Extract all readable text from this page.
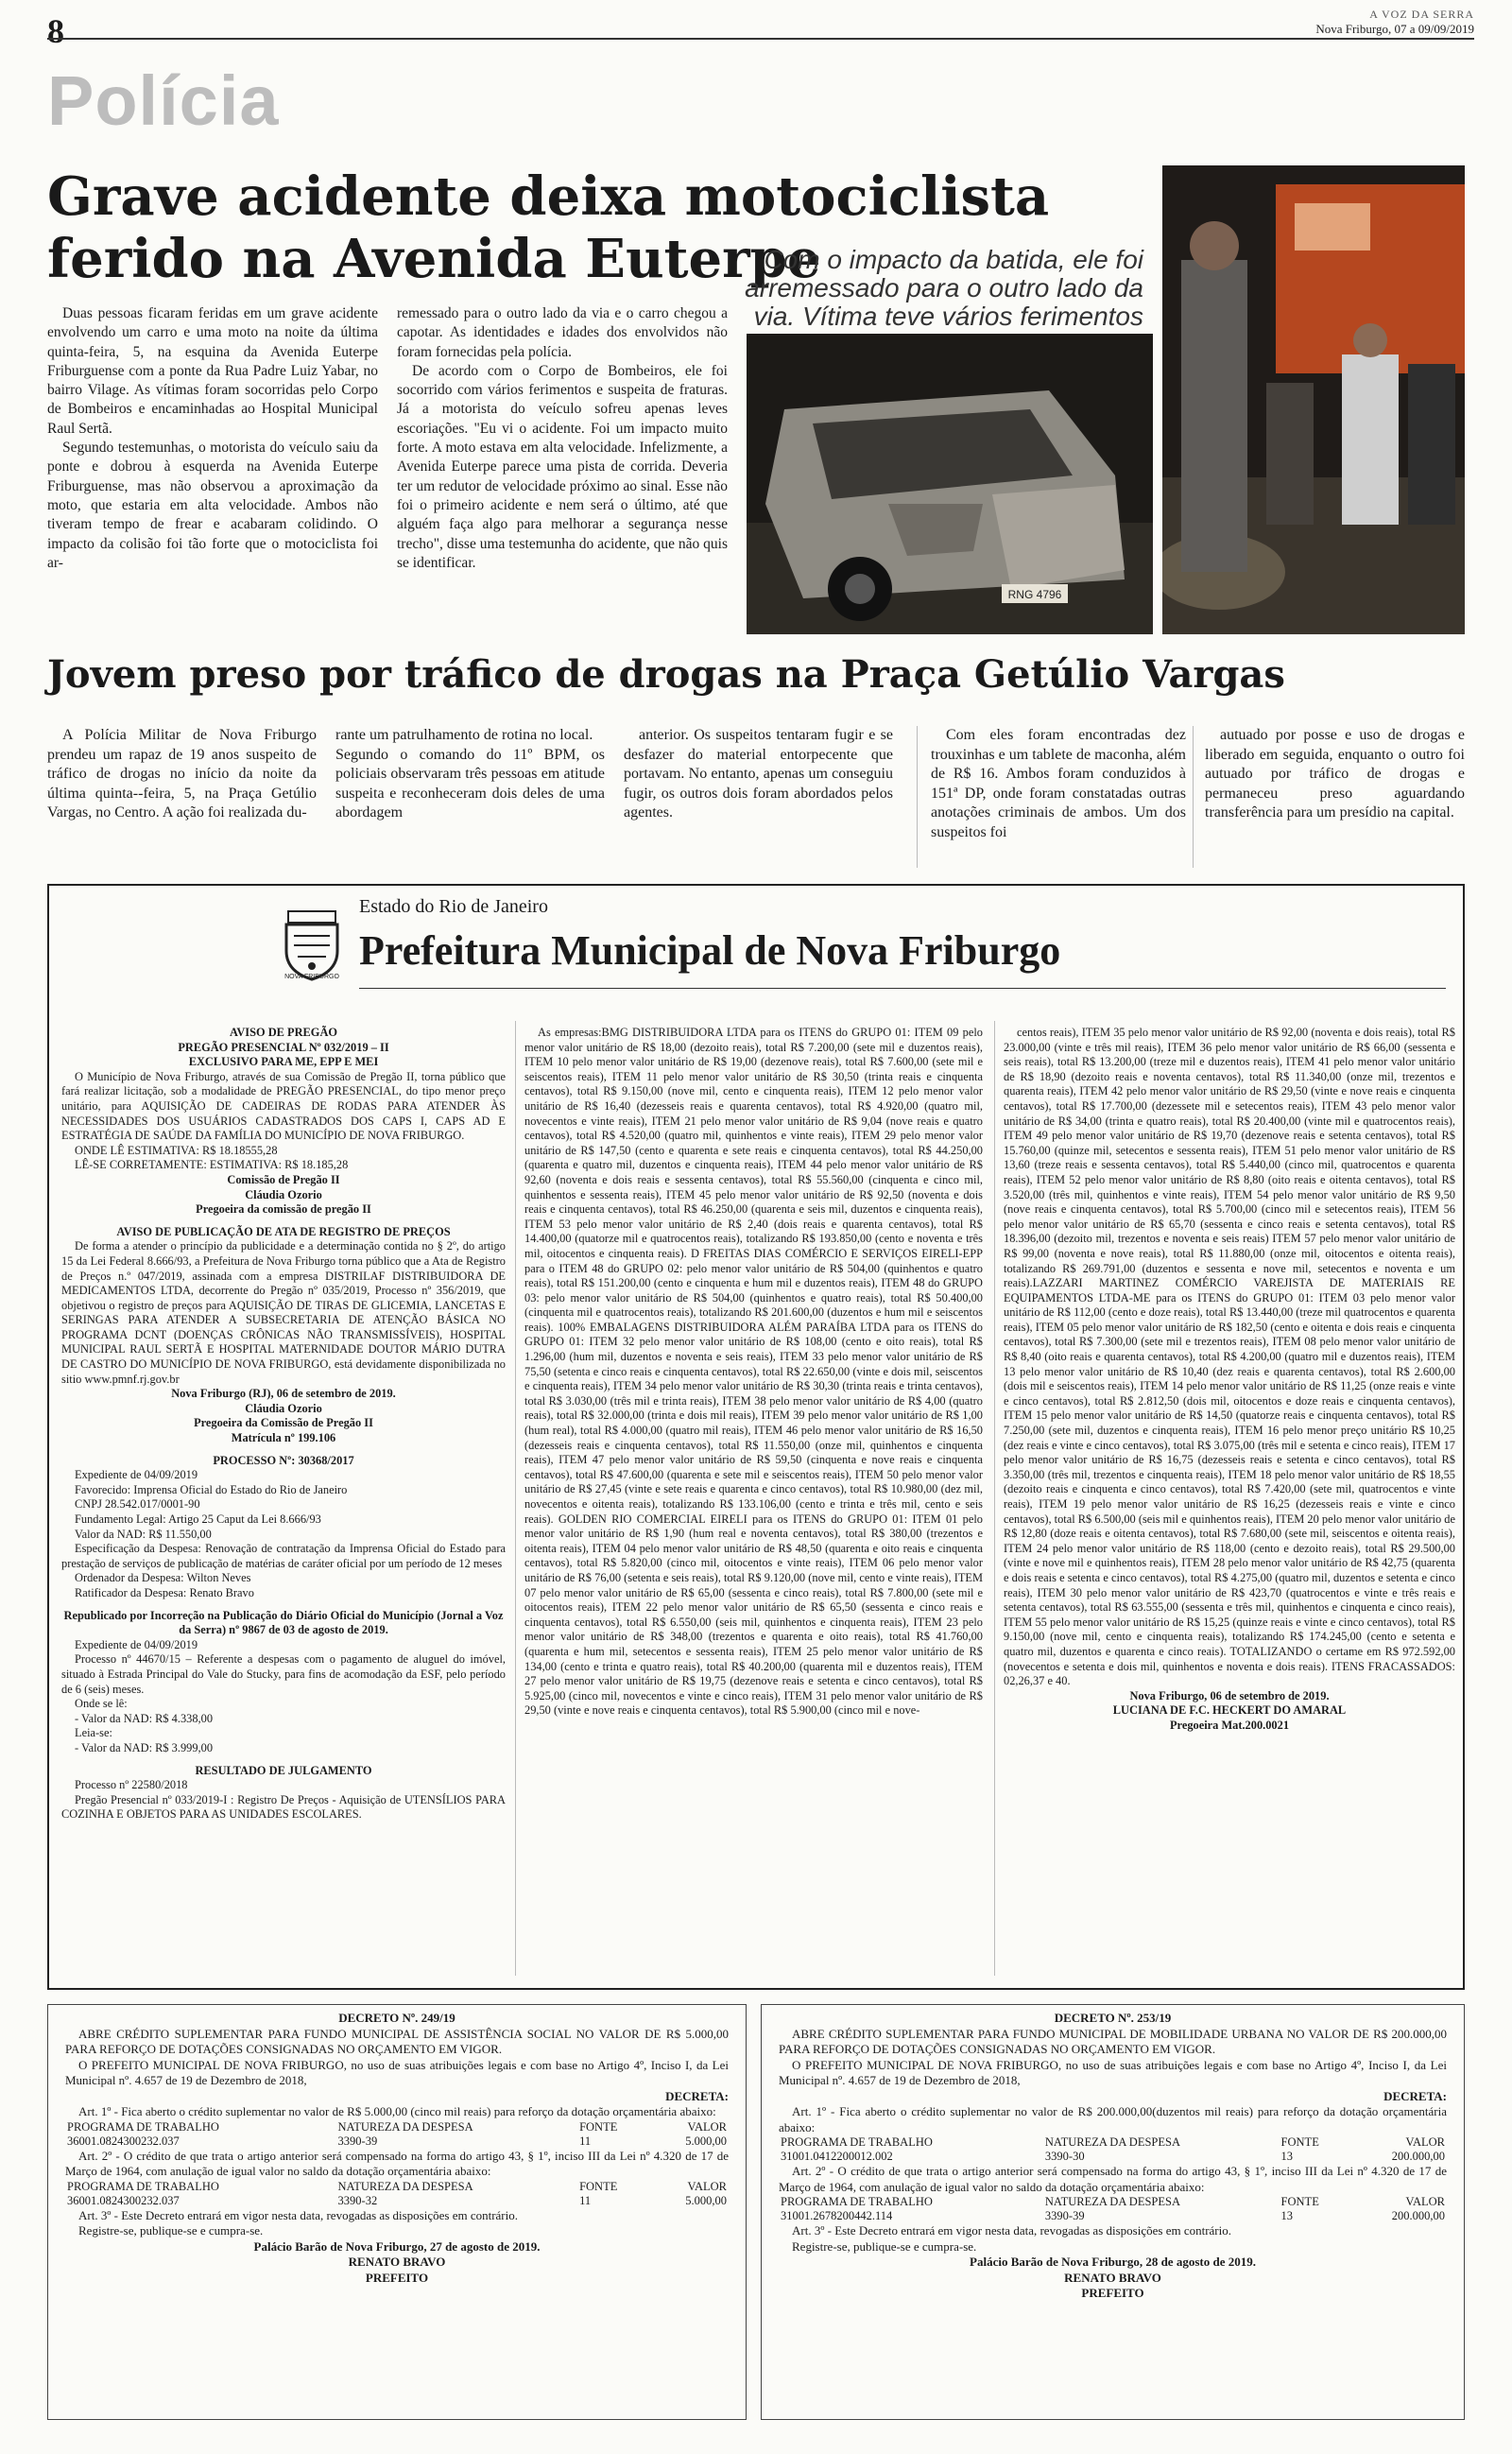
8	A VOZ DA SERRA
Nova Friburgo, 07 a 09/09/2019
Polícia
Grave acidente deixa motociclista ferido na Avenida Euterpe
Com o impacto da batida, ele foi arremessado para o outro lado da via. Vítima teve vários ferimentos

Duas pessoas ficaram feridas em um grave acidente envolvendo um carro e uma moto na noite da última quinta-feira, 5, na esquina da Avenida Euterpe Friburguense com a ponte da Rua Padre Luiz Yabar, no bairro Vilage. As vítimas foram socorridas pelo Corpo de Bombeiros e encaminhadas ao Hospital Municipal Raul Sertã.

Segundo testemunhas, o motorista do veículo saiu da ponte e dobrou à esquerda na Avenida Euterpe Friburguense, mas não observou a aproximação da moto, que estaria em alta velocidade. Ambos não tiveram tempo de frear e acabaram colidindo. O impacto da colisão foi tão forte que o motociclista foi ar-

remessado para o outro lado da via e o carro chegou a capotar. As identidades e idades dos envolvidos não foram fornecidas pela polícia.

De acordo com o Corpo de Bombeiros, ele foi socorrido com vários ferimentos e suspeita de fraturas. Já a motorista do veículo sofreu apenas leves escoriações. "Eu vi o acidente. Foi um impacto muito forte. A moto estava em alta velocidade. Infelizmente, a Avenida Euterpe parece uma pista de corrida. Deveria ter um redutor de velocidade próximo ao sinal. Esse não foi o primeiro acidente e nem será o último, até que alguém faça algo para melhorar a segurança nesse trecho", disse uma testemunha do acidente, que não quis se identificar.

RNG 4796
Jovem preso por tráfico de drogas na Praça Getúlio Vargas

A Polícia Militar de Nova Friburgo prendeu um rapaz de 19 anos suspeito de tráfico de drogas no início da noite da última quinta--feira, 5, na Praça Getúlio Vargas, no Centro. A ação foi realizada du-

rante um patrulhamento de rotina no local.
Segundo o comando do 11º BPM, os policiais observaram três pessoas em atitude suspeita e reconheceram dois deles de uma abordagem

anterior. Os suspeitos tentaram fugir e se desfazer do material entorpecente que portavam. No entanto, apenas um conseguiu fugir, os outros dois foram abordados pelos agentes.

Com eles foram encontradas dez trouxinhas e um tablete de maconha, além de R$ 16. Ambos foram conduzidos à 151ª DP, onde foram constatadas outras anotações criminais de ambos. Um dos suspeitos foi

autuado por posse e uso de drogas e liberado em seguida, enquanto o outro foi autuado por tráfico de drogas e permaneceu preso aguardando transferência para um presídio na capital.

NOVA FRIBURGO
Estado do Rio de Janeiro
Prefeitura Municipal de Nova Friburgo

AVISO DE PREGÃO

PREGÃO PRESENCIAL Nº 032/2019 – II

EXCLUSIVO PARA ME, EPP E MEI

O Município de Nova Friburgo, através de sua Comissão de Pregão II, torna público que fará realizar licitação, sob a modalidade de PREGÃO PRESENCIAL, do tipo menor preço unitário, para AQUISIÇÃO DE CADEIRAS DE RODAS PARA ATENDER ÀS NECESSIDADES DOS USUÁRIOS CADASTRADOS DOS CAPS I, CAPS AD E ESTRATÉGIA DE SAÚDE DA FAMÍLIA DO MUNICÍPIO DE NOVA FRIBURGO.

ONDE LÊ ESTIMATIVA: R$ 18.18555,28

LÊ-SE CORRETAMENTE: ESTIMATIVA: R$ 18.185,28

Comissão de Pregão II

Cláudia Ozorio

Pregoeira da comissão de pregão II

AVISO DE PUBLICAÇÃO DE ATA DE REGISTRO DE PREÇOS

De forma a atender o princípio da publicidade e a determinação contida no § 2º, do artigo 15 da Lei Federal 8.666/93, a Prefeitura de Nova Friburgo torna público que a Ata de Registro de Preços n.º 047/2019, assinada com a empresa DISTRILAF DISTRIBUIDORA DE MEDICAMENTOS LTDA, decorrente do Pregão nº 035/2019, Processo nº 356/2019, que objetivou o registro de preços para AQUISIÇÃO DE TIRAS DE GLICEMIA, LANCETAS E SERINGAS PARA ATENDER A SUBSECRETARIA DE ATENÇÃO BÁSICA NO PROGRAMA DCNT (DOENÇAS CRÔNICAS NÃO TRANSMISSÍVEIS), HOSPITAL MUNICIPAL RAUL SERTÃ E HOSPITAL MATERNIDADE DOUTOR MÁRIO DUTRA DE CASTRO DO MUNICÍPIO DE NOVA FRIBURGO, está devidamente disponibilizada no sitio www.pmnf.rj.gov.br

Nova Friburgo (RJ), 06 de setembro de 2019.

Cláudia Ozorio

Pregoeira da Comissão de Pregão II

Matrícula nº 199.106

PROCESSO Nº: 30368/2017

Expediente de 04/09/2019

Favorecido: Imprensa Oficial do Estado do Rio de Janeiro

CNPJ 28.542.017/0001-90

Fundamento Legal: Artigo 25 Caput da Lei 8.666/93

Valor da NAD: R$ 11.550,00

Especificação da Despesa: Renovação de contratação da Imprensa Oficial do Estado para prestação de serviços de publicação de matérias de caráter oficial por um período de 12 meses

Ordenador da Despesa: Wilton Neves

Ratificador da Despesa: Renato Bravo

Republicado por Incorreção na Publicação do Diário Oficial do Município (Jornal a Voz da Serra) nº 9867 de 03 de agosto de 2019.

Expediente de 04/09/2019

Processo nº 44670/15 – Referente a despesas com o pagamento de aluguel do imóvel, situado à Estrada Principal do Vale do Stucky, para fins de acomodação da ESF, pelo período de 6 (seis) meses.

Onde se lê:

- Valor da NAD: R$ 4.338,00

Leia-se:

- Valor da NAD: R$ 3.999,00

RESULTADO DE JULGAMENTO

Processo nº 22580/2018

Pregão Presencial nº 033/2019-I : Registro De Preços - Aquisição de UTENSÍLIOS PARA COZINHA E OBJETOS PARA AS UNIDADES ESCOLARES.

As empresas:BMG DISTRIBUIDORA LTDA para os ITENS do GRUPO 01: ITEM 09 pelo menor valor unitário de R$ 18,00 (dezoito reais), total R$ 7.200,00 (sete mil e duzentos reais), ITEM 10 pelo menor valor unitário de R$ 19,00 (dezenove reais), total R$ 7.600,00 (sete mil e seiscentos reais), ITEM 11 pelo menor valor unitário de R$ 30,50 (trinta reais e cinquenta centavos), total R$ 9.150,00 (nove mil, cento e cinquenta reais), ITEM 12 pelo menor valor unitário de R$ 16,40 (dezesseis reais e quarenta centavos), total R$ 4.920,00 (quatro mil, novecentos e vinte reais), ITEM 21 pelo menor valor unitário de R$ 9,04 (nove reais e quatro centavos), total R$ 4.520,00 (quatro mil, quinhentos e vinte reais), ITEM 29 pelo menor valor unitário de R$ 147,50 (cento e quarenta e sete reais e cinquenta centavos), total R$ 44.250,00 (quarenta e quatro mil, duzentos e cinquenta reais), ITEM 44 pelo menor valor unitário de R$ 92,60 (noventa e dois reais e sessenta centavos), total R$ 55.560,00 (cinquenta e cinco mil, quinhentos e sessenta reais), ITEM 45 pelo menor valor unitário de R$ 92,50 (noventa e dois reais e cinquenta centavos), total R$ 46.250,00 (quarenta e seis mil, duzentos e cinquenta reais), ITEM 53 pelo menor valor unitário de R$ 2,40 (dois reais e quarenta centavos), total R$ 14.400,00 (quatorze mil e quatrocentos reais), totalizando R$ 193.850,00 (cento e noventa e três mil, oitocentos e cinquenta reais). D FREITAS DIAS COMÉRCIO E SERVIÇOS EIRELI-EPP para o ITEM 48 do GRUPO 02: pelo menor valor unitário de R$ 504,00 (quinhentos e quatro reais), total R$ 151.200,00 (cento e cinquenta e hum mil e duzentos reais), ITEM 48 do GRUPO 03: pelo menor valor unitário de R$ 504,00 (quinhentos e quatro reais), total R$ 50.400,00 (cinquenta mil e quatrocentos reais), totalizando R$ 201.600,00 (duzentos e hum mil e seiscentos reais). 100% EMBALAGENS DISTRIBUIDORA ALÉM PARAÍBA LTDA para os ITENS do GRUPO 01: ITEM 32 pelo menor valor unitário de R$ 108,00 (cento e oito reais), total R$ 1.296,00 (hum mil, duzentos e noventa e seis reais), ITEM 33 pelo menor valor unitário de R$ 75,50 (setenta e cinco reais e cinquenta centavos), total R$ 22.650,00 (vinte e dois mil, seiscentos e cinquenta reais), ITEM 34 pelo menor valor unitário de R$ 30,30 (trinta reais e trinta centavos), total R$ 3.030,00 (três mil e trinta reais), ITEM 38 pelo menor valor unitário de R$ 4,00 (quatro reais), total R$ 32.000,00 (trinta e dois mil reais), ITEM 39 pelo menor valor unitário de R$ 1,00 (hum real), total R$ 4.000,00 (quatro mil reais), ITEM 46 pelo menor valor unitário de R$ 16,50 (dezesseis reais e cinquenta centavos), total R$ 11.550,00 (onze mil, quinhentos e cinquenta reais), ITEM 47 pelo menor valor unitário de R$ 59,50 (cinquenta e nove reais e cinquenta centavos), total R$ 47.600,00 (quarenta e sete mil e seiscentos reais), ITEM 50 pelo menor valor unitário de R$ 27,45 (vinte e sete reais e quarenta e cinco centavos), total R$ 10.980,00 (dez mil, novecentos e oitenta reais), totalizando R$ 133.106,00 (cento e trinta e três mil, cento e seis reais). GOLDEN RIO COMERCIAL EIRELI para os ITENS do GRUPO 01: ITEM 01 pelo menor valor unitário de R$ 1,90 (hum real e noventa centavos), total R$ 380,00 (trezentos e oitenta reais), ITEM 04 pelo menor valor unitário de R$ 48,50 (quarenta e oito reais e cinquenta centavos), total R$ 5.820,00 (cinco mil, oitocentos e vinte reais), ITEM 06 pelo menor valor unitário de R$ 76,00 (setenta e seis reais), total R$ 9.120,00 (nove mil, cento e vinte reais), ITEM 07 pelo menor valor unitário de R$ 65,00 (sessenta e cinco reais), total R$ 7.800,00 (sete mil e oitocentos reais), ITEM 22 pelo menor valor unitário de R$ 65,50 (sessenta e cinco reais e cinquenta centavos), total R$ 6.550,00 (seis mil, quinhentos e cinquenta reais), ITEM 23 pelo menor valor unitário de R$ 348,00 (trezentos e quarenta e oito reais), total R$ 41.760,00 (quarenta e hum mil, setecentos e sessenta reais), ITEM 25 pelo menor valor unitário de R$ 134,00 (cento e trinta e quatro reais), total R$ 40.200,00 (quarenta mil e duzentos reais), ITEM 27 pelo menor valor unitário de R$ 19,75 (dezenove reais e setenta e cinco centavos), total R$ 5.925,00 (cinco mil, novecentos e vinte e cinco reais), ITEM 31 pelo menor valor unitário de R$ 29,50 (vinte e nove reais e cinquenta centavos), total R$ 5.900,00 (cinco mil e nove-

centos reais), ITEM 35 pelo menor valor unitário de R$ 92,00 (noventa e dois reais), total R$ 23.000,00 (vinte e três mil reais), ITEM 36 pelo menor valor unitário de R$ 66,00 (sessenta e seis reais), total R$ 13.200,00 (treze mil e duzentos reais), ITEM 41 pelo menor valor unitário de R$ 18,90 (dezoito reais e noventa centavos), total R$ 11.340,00 (onze mil, trezentos e quarenta reais), ITEM 42 pelo menor valor unitário de R$ 29,50 (vinte e nove reais e cinquenta centavos), total R$ 17.700,00 (dezessete mil e setecentos reais), ITEM 43 pelo menor valor unitário de R$ 34,00 (trinta e quatro reais), total R$ 20.400,00 (vinte mil e quatrocentos reais), ITEM 49 pelo menor valor unitário de R$ 19,70 (dezenove reais e setenta centavos), total R$ 15.760,00 (quinze mil, setecentos e sessenta reais), ITEM 51 pelo menor valor unitário de R$ 13,60 (treze reais e sessenta centavos), total R$ 5.440,00 (cinco mil, quatrocentos e quarenta reais), ITEM 52 pelo menor valor unitário de R$ 8,80 (oito reais e oitenta centavos), total R$ 3.520,00 (três mil, quinhentos e vinte reais), ITEM 54 pelo menor valor unitário de R$ 9,50 (nove reais e cinquenta centavos), total R$ 5.700,00 (cinco mil e setecentos reais), ITEM 56 pelo menor valor unitário de R$ 65,70 (sessenta e cinco reais e setenta centavos), total R$ 18.396,00 (dezoito mil, trezentos e noventa e seis reais) ITEM 57 pelo menor valor unitário de R$ 99,00 (noventa e nove reais), total R$ 11.880,00 (onze mil, oitocentos e oitenta reais), totalizando R$ 269.791,00 (duzentos e sessenta e nove mil, setecentos e noventa e um reais).LAZZARI MARTINEZ COMÉRCIO VAREJISTA DE MATERIAIS RE EQUIPAMENTOS LTDA-ME para os ITENS do GRUPO 01: ITEM 03 pelo menor valor unitário de R$ 112,00 (cento e doze reais), total R$ 13.440,00 (treze mil quatrocentos e quarenta reais), ITEM 05 pelo menor valor unitário de R$ 182,50 (cento e oitenta e dois reais e cinquenta centavos), total R$ 7.300,00 (sete mil e trezentos reais), ITEM 08 pelo menor valor unitário de R$ 8,40 (oito reais e quarenta centavos), total R$ 4.200,00 (quatro mil e duzentos reais), ITEM 13 pelo menor valor unitário de R$ 10,40 (dez reais e quarenta centavos), total R$ 2.600,00 (dois mil e seiscentos reais), ITEM 14 pelo menor valor unitário de R$ 11,25 (onze reais e vinte e cinco centavos), total R$ 2.812,50 (dois mil, oitocentos e doze reais e cinquenta centavos), ITEM 15 pelo menor valor unitário de R$ 14,50 (quatorze reais e cinquenta centavos), total R$ 7.250,00 (sete mil, duzentos e cinquenta reais), ITEM 16 pelo menor preço unitário R$ 10,25 (dez reais e vinte e cinco centavos), total R$ 3.075,00 (três mil e setenta e cinco reais), ITEM 17 pelo menor valor unitário de R$ 16,75 (dezesseis reais e setenta e cinco centavos), total R$ 3.350,00 (três mil, trezentos e cinquenta reais), ITEM 18 pelo menor valor unitário de R$ 18,55 (dezoito reais e cinquenta e cinco centavos), total R$ 7.420,00 (sete mil, quatrocentos e vinte reais), ITEM 19 pelo menor valor unitário de R$ 16,25 (dezesseis reais e vinte e cinco centavos), total R$ 6.500,00 (seis mil e quinhentos reais), ITEM 20 pelo menor valor unitário de R$ 12,80 (doze reais e oitenta centavos), total R$ 7.680,00 (sete mil, seiscentos e oitenta reais), ITEM 24 pelo menor valor unitário de R$ 118,00 (cento e dezoito reais), total R$ 29.500,00 (vinte e nove mil e quinhentos reais), ITEM 28 pelo menor valor unitário de R$ 42,75 (quarenta e dois reais e setenta e cinco centavos), total R$ 4.275,00 (quatro mil, duzentos e setenta e cinco reais), ITEM 30 pelo menor valor unitário de R$ 423,70 (quatrocentos e vinte e três reais e setenta centavos), total R$ 63.555,00 (sessenta e três mil, quinhentos e cinquenta e cinco reais), ITEM 55 pelo menor valor unitário de R$ 15,25 (quinze reais e vinte e cinco centavos), total R$ 9.150,00 (nove mil, cento e cinquenta reais), totalizando R$ 174.245,00 (cento e setenta e quatro mil, duzentos e quarenta e cinco reais). TOTALIZANDO o certame em R$ 972.592,00 (novecentos e setenta e dois mil, quinhentos e noventa e dois reais). ITENS FRACASSADOS: 02,26,37 e 40.

Nova Friburgo, 06 de setembro de 2019.

LUCIANA DE F.C. HECKERT DO AMARAL

Pregoeira Mat.200.0021

DECRETO Nº. 249/19

ABRE CRÉDITO SUPLEMENTAR PARA FUNDO MUNICIPAL DE ASSISTÊNCIA SOCIAL NO VALOR DE R$ 5.000,00 PARA REFORÇO DE DOTAÇÕES CONSIGNADAS NO ORÇAMENTO EM VIGOR.

O PREFEITO MUNICIPAL DE NOVA FRIBURGO, no uso de suas atribuições legais e com base no Artigo 4º, Inciso I, da Lei Municipal nº. 4.657 de 19 de Dezembro de 2018,

DECRETA:

Art. 1º - Fica aberto o crédito suplementar no valor de R$ 5.000,00 (cinco mil reais) para reforço da dotação orçamentária abaixo:

PROGRAMA DE TRABALHO	NATUREZA DA DESPESA	FONTE	VALOR
36001.0824300232.037	3390-39	11	5.000,00

Art. 2º - O crédito de que trata o artigo anterior será compensado na forma do artigo 43, § 1º, inciso III da Lei nº 4.320 de 17 de Março de 1964, com anulação de igual valor no saldo da dotação orçamentária abaixo:

PROGRAMA DE TRABALHO	NATUREZA DA DESPESA	FONTE	VALOR
36001.0824300232.037	3390-32	11	5.000,00

Art. 3º - Este Decreto entrará em vigor nesta data, revogadas as disposições em contrário.

Registre-se, publique-se e cumpra-se.

Palácio Barão de Nova Friburgo, 27 de agosto de 2019.

RENATO BRAVO

PREFEITO

DECRETO Nº. 253/19

ABRE CRÉDITO SUPLEMENTAR PARA FUNDO MUNICIPAL DE MOBILIDADE URBANA NO VALOR DE R$ 200.000,00 PARA REFORÇO DE DOTAÇÕES CONSIGNADAS NO ORÇAMENTO EM VIGOR.

O PREFEITO MUNICIPAL DE NOVA FRIBURGO, no uso de suas atribuições legais e com base no Artigo 4º, Inciso I, da Lei Municipal nº. 4.657 de 19 de Dezembro de 2018,

DECRETA:

Art. 1º - Fica aberto o crédito suplementar no valor de R$ 200.000,00(duzentos mil reais) para reforço da dotação orçamentária abaixo:

PROGRAMA DE TRABALHO	NATUREZA DA DESPESA	FONTE	VALOR
31001.0412200012.002	3390-30	13	200.000,00

Art. 2º - O crédito de que trata o artigo anterior será compensado na forma do artigo 43, § 1º, inciso III da Lei nº 4.320 de 17 de Março de 1964, com anulação de igual valor no saldo da dotação orçamentária abaixo:

PROGRAMA DE TRABALHO	NATUREZA DA DESPESA	FONTE	VALOR
31001.2678200442.114	3390-39	13	200.000,00

Art. 3º - Este Decreto entrará em vigor nesta data, revogadas as disposições em contrário.

Registre-se, publique-se e cumpra-se.

Palácio Barão de Nova Friburgo, 28 de agosto de 2019.

RENATO BRAVO

PREFEITO
